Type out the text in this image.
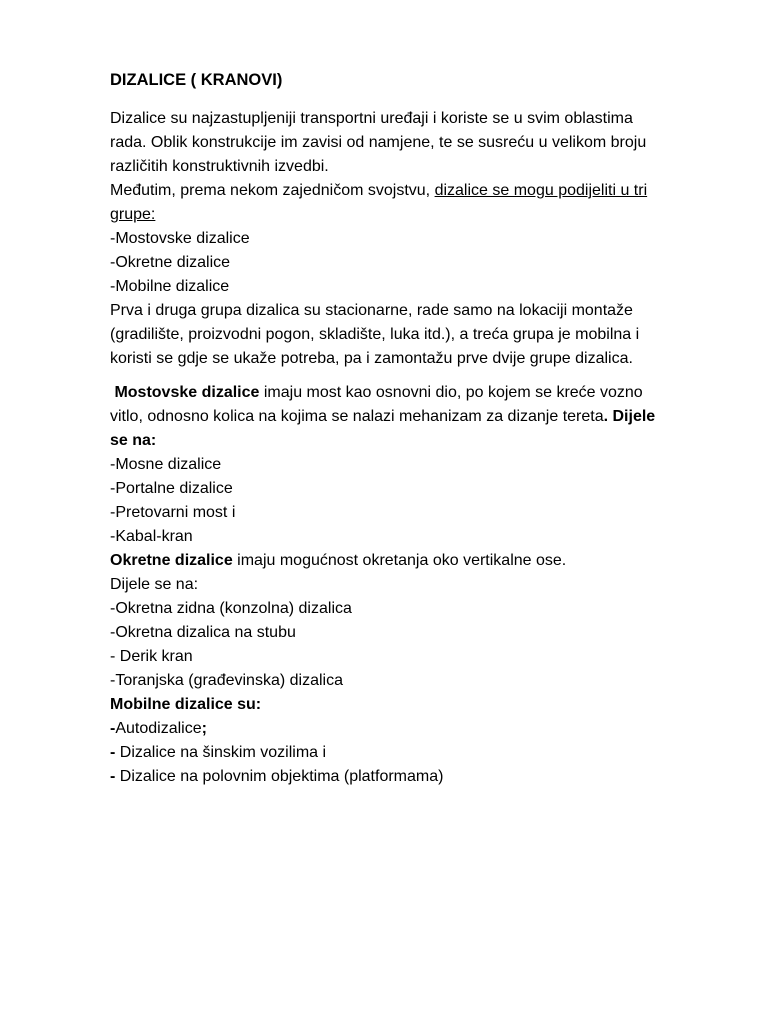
DIZALICE ( KRANOVI)
Dizalice su najzastupljeniji transportni uređaji i koriste se u svim oblastima
rada. Oblik konstrukcije im zavisi od namjene, te se susreću u velikom broju
različitih konstruktivnih izvedbi.
Međutim, prema nekom zajedničom svojstvu, dizalice se mogu podijeliti u tri
grupe:
-Mostovske dizalice
-Okretne dizalice
-Mobilne dizalice
Prva i druga grupa dizalica su stacionarne, rade samo na lokaciji montaže
(gradilište, proizvodni pogon, skladište, luka itd.), a treća grupa je mobilna i
koristi se gdje se ukaže potreba, pa i zamontažu prve dvije grupe dizalica.
Mostovske dizalice imaju most kao osnovni dio, po kojem se kreće vozno
vitlo, odnosno kolica na kojima se nalazi mehanizam za dizanje tereta. Dijele
se na:
-Mosne dizalice
-Portalne dizalice
-Pretovarni most i
-Kabal-kran
Okretne dizalice imaju mogućnost okretanja oko vertikalne ose.
Dijele se na:
-Okretna zidna (konzolna) dizalica
-Okretna dizalica na stubu
- Derik kran
-Toranjska (građevinska) dizalica
Mobilne dizalice su:
-Autodizalice;
- Dizalice na šinskim vozilima i
- Dizalice na polovnim objektima (platformama)
